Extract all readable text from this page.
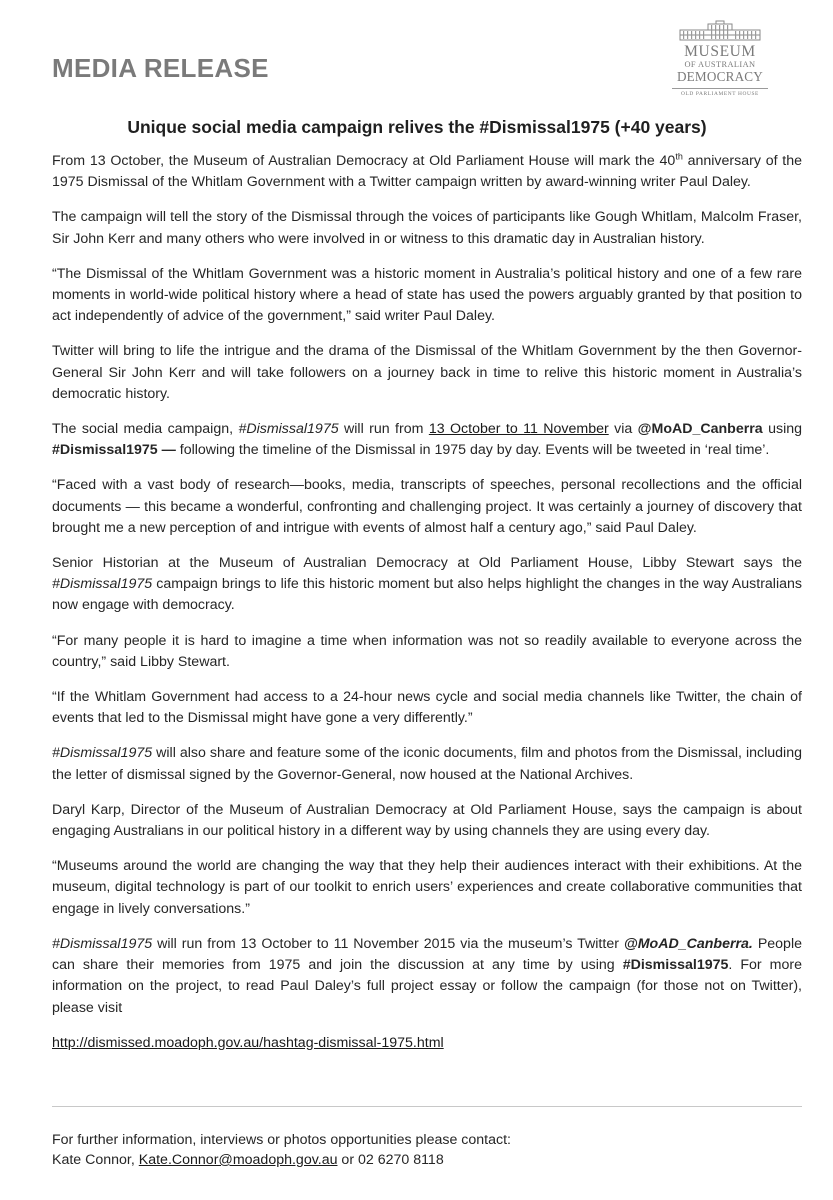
MEDIA RELEASE
MUSEUM
OF AUSTRALIAN
DEMOCRACY
OLD PARLIAMENT HOUSE
Unique social media campaign relives the #Dismissal1975 (+40 years)

From 13 October, the Museum of Australian Democracy at Old Parliament House will mark the 40th anniversary of the 1975 Dismissal of the Whitlam Government with a Twitter campaign written by award-winning writer Paul Daley.

The campaign will tell the story of the Dismissal through the voices of participants like Gough Whitlam, Malcolm Fraser, Sir John Kerr and many others who were involved in or witness to this dramatic day in Australian history.

“The Dismissal of the Whitlam Government was a historic moment in Australia’s political history and one of a few rare moments in world-wide political history where a head of state has used the powers arguably granted by that position to act independently of advice of the government,” said writer Paul Daley.

Twitter will bring to life the intrigue and the drama of the Dismissal of the Whitlam Government by the then Governor-General Sir John Kerr and will take followers on a journey back in time to relive this historic moment in Australia’s democratic history.

The social media campaign, #Dismissal1975 will run from 13 October to 11 November via @MoAD_Canberra using #Dismissal1975 — following the timeline of the Dismissal in 1975 day by day. Events will be tweeted in ‘real time’.

“Faced with a vast body of research—books, media, transcripts of speeches, personal recollections and the official documents — this became a wonderful, confronting and challenging project. It was certainly a journey of discovery that brought me a new perception of and intrigue with events of almost half a century ago,” said Paul Daley.

Senior Historian at the Museum of Australian Democracy at Old Parliament House, Libby Stewart says the #Dismissal1975 campaign brings to life this historic moment but also helps highlight the changes in the way Australians now engage with democracy.

“For many people it is hard to imagine a time when information was not so readily available to everyone across the country,” said Libby Stewart.

“If the Whitlam Government had access to a 24-hour news cycle and social media channels like Twitter, the chain of events that led to the Dismissal might have gone a very differently.”

#Dismissal1975 will also share and feature some of the iconic documents, film and photos from the Dismissal, including the letter of dismissal signed by the Governor-General, now housed at the National Archives.

Daryl Karp, Director of the Museum of Australian Democracy at Old Parliament House, says the campaign is about engaging Australians in our political history in a different way by using channels they are using every day.

“Museums around the world are changing the way that they help their audiences interact with their exhibitions. At the museum, digital technology is part of our toolkit to enrich users’ experiences and create collaborative communities that engage in lively conversations.”

#Dismissal1975 will run from 13 October to 11 November 2015 via the museum’s Twitter @MoAD_Canberra. People can share their memories from 1975 and join the discussion at any time by using #Dismissal1975. For more information on the project, to read Paul Daley’s full project essay or follow the campaign (for those not on Twitter), please visit

http://dismissed.moadoph.gov.au/hashtag-dismissal-1975.html

For further information, interviews or photos opportunities please contact:
Kate Connor, Kate.Connor@moadoph.gov.au or 02 6270 8118
